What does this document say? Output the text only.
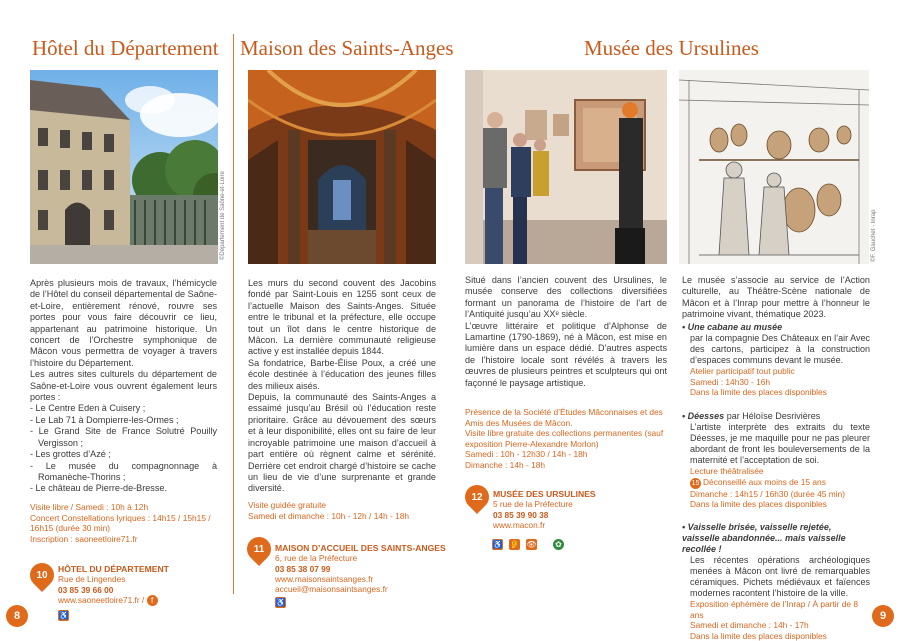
Hôtel du Département Maison des Saints-Anges	Musée des Ursulines
©Département de Saône-et-Loire	©F. Gauchet - Inrap

Après plusieurs mois de travaux, l’hémicycle de l’Hôtel du conseil départemental de Saône-et-Loire, entièrement rénové, rouvre ses portes pour vous faire découvrir ce lieu, appartenant au patrimoine historique. Un concert de l’Orchestre symphonique de Mâcon vous permettra de voyager à travers l’histoire du Département.

Les autres sites culturels du département de Saône-et-Loire vous ouvrent également leurs portes :

- Le Centre Eden à Cuisery ;
- Le Lab 71 à Dompierre-les-Ormes ;
- Le Grand Site de France Solutré Pouilly Vergisson ;
- Les grottes d’Azé ;
- Le musée du compagnonnage à Romanèche-Thorins ;
- Le château de Pierre-de-Bresse.

Visite libre / Samedi : 10h à 12h

Concert Constellations lyriques : 14h15 / 15h15 / 16h15 (durée 30 min)

Inscription : saoneetloire71.fr

10
HÔTEL DU DÉPARTEMENT
Rue de Lingendes
03 85 39 66 00
www.saoneetloire71.fr / f
♿

Les murs du second couvent des Jacobins fondé par Saint-Louis en 1255 sont ceux de l’actuelle Maison des Saints-Anges. Située entre le tribunal et la préfecture, elle occupe tout un îlot dans le centre historique de Mâcon. La dernière communauté religieuse active y est installée depuis 1844.

Sa fondatrice, Barbe-Élise Poux, a créé une école destinée à l’éducation des jeunes filles des milieux aisés.

Depuis, la communauté des Saints-Anges a essaimé jusqu’au Brésil où l’éducation reste prioritaire. Grâce au dévouement des sœurs et à leur disponibilité, elles ont su faire de leur incroyable patrimoine une maison d’accueil à part entière où règnent calme et sérénité. Derrière cet endroit chargé d’histoire se cache un lieu de vie d’une surprenante et grande diversité.

Visite guidée gratuite

Samedi et dimanche : 10h - 12h / 14h - 18h

11	MAISON D’ACCUEIL DES SAINTS-ANGES
6, rue de la Préfecture
03 85 38 07 99
www.maisonsaintsanges.fr
accueil@maisonsaintsanges.fr
♿

Situé dans l’ancien couvent des Ursulines, le musée conserve des collections diversifiées formant un panorama de l’histoire de l’art de l’Antiquité jusqu’au XXᵉ siècle.

L’œuvre littéraire et politique d’Alphonse de Lamartine (1790-1869), né à Mâcon, est mise en lumière dans un espace dédié. D’autres aspects de l’histoire locale sont révélés à travers les œuvres de plusieurs peintres et sculpteurs qui ont façonné le paysage artistique.

Présence de la Société d’Études Mâconnaises et des Amis des Musées de Mâcon.

Visite libre gratuite des collections permanentes (sauf exposition Pierre-Alexandre Morlon)

Samedi : 10h - 12h30 / 14h - 18h

Dimanche : 14h - 18h

12	MUSÉE DES URSULINES
5 rue de la Préfecture
03 85 39 90 38
www.macon.fr
♿ 👂 👁 ✿

Le musée s’associe au service de l’Action culturelle, au Théâtre-Scène nationale de Mâcon et à l’Inrap pour mettre à l’honneur le patrimoine vivant, thématique 2023.

• Une cabane au musée
par la compagnie Des Châteaux en l’air Avec des cartons, participez à la construction d’espaces communs devant le musée.

Atelier participatif tout public

Samedi : 14h30 - 16h

Dans la limite des places disponibles

• Déesses par Héloïse Desrivières
L’artiste interprète des extraits du texte Déesses, je me maquille pour ne pas pleurer abordant de front les bouleversements de la maternité et l’acceptation de soi.

Lecture théâtralisée

15 Déconseillé aux moins de 15 ans

Dimanche : 14h15 / 16h30 (durée 45 min)

Dans la limite des places disponibles

• Vaisselle brisée, vaisselle rejetée, vaisselle abandonnée... mais vaisselle recollée !
Les récentes opérations archéologiques menées à Mâcon ont livré de remarquables céramiques. Pichets médiévaux et faïences modernes racontent l’histoire de la ville.

Exposition éphémère de l’Inrap / À partir de 8 ans

Samedi et dimanche : 14h - 17h

Dans la limite des places disponibles

8	9
